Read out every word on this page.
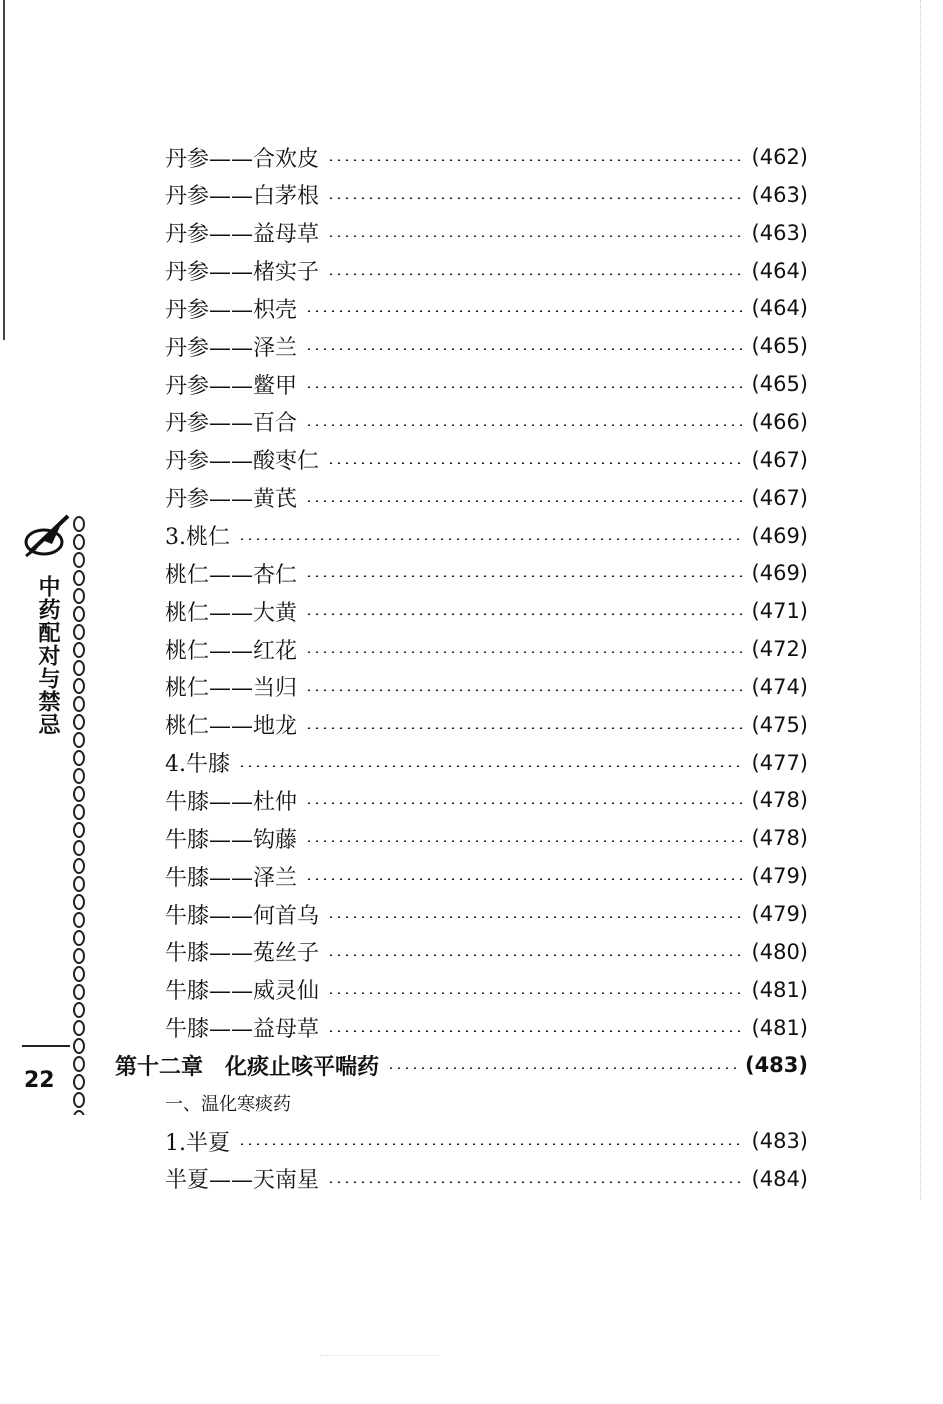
中药配对与禁忌
22
丹参——合欢皮	(462)
丹参——白茅根	(463)
丹参——益母草	(463)
丹参——楮实子	(464)
丹参——枳壳	(464)
丹参——泽兰	(465)
丹参——鳖甲	(465)
丹参——百合	(466)
丹参——酸枣仁	(467)
丹参——黄芪	(467)
3.桃仁	(469)
桃仁——杏仁	(469)
桃仁——大黄	(471)
桃仁——红花	(472)
桃仁——当归	(474)
桃仁——地龙	(475)
4.牛膝	(477)
牛膝——杜仲	(478)
牛膝——钩藤	(478)
牛膝——泽兰	(479)
牛膝——何首乌	(479)
牛膝——菟丝子	(480)
牛膝——威灵仙	(481)
牛膝——益母草	(481)
第十二章　化痰止咳平喘药	(483)
一、温化寒痰药
1.半夏	(483)
半夏——天南星	(484)
